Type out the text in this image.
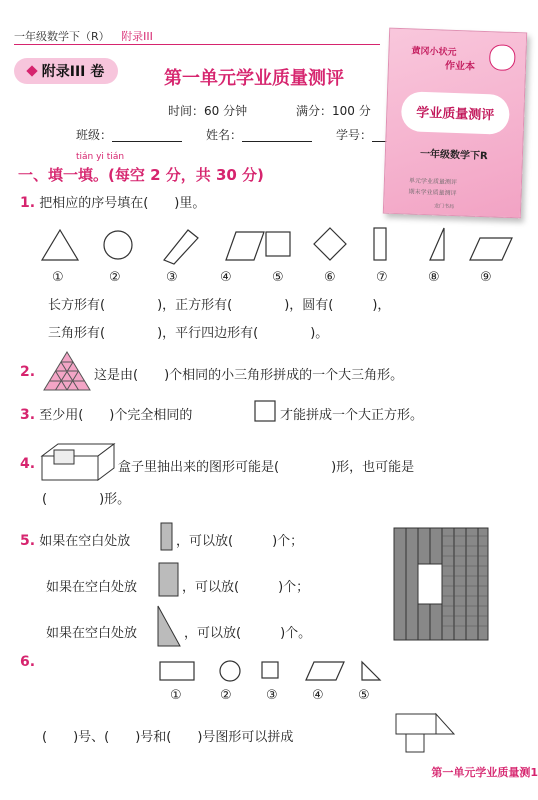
一年级数学下（R） 附录III
附录III 卷	第一单元学业质量测评
时间：60 分钟	满分：100 分
班级：	姓名：	学号：
黄冈小状元
作业本
学业质量测评
一年级数学下R
单元学业质量测评
期末学业质量测评
龙门书局
tián yi tián
一、填一填。(每空 2 分，共 30 分)
1. 把相应的序号填在(　　)里。
①	②	③	④	⑤	⑥	⑦	⑧	⑨
长方形有(　　　　)，正方形有(　　　　)，圆有(　　　)，
三角形有(　　　　)，平行四边形有(　　　　)。
2.	这是由(　　)个相同的小三角形拼成的一个大三角形。
3. 至少用(　　)个完全相同的	才能拼成一个大正方形。
4.	盒子里抽出来的图形可能是(　　　　)形，也可能是
(　　　　)形。
5. 如果在空白处放	，可以放(　　　)个；
如果在空白处放	，可以放(　　　)个；
如果在空白处放	，可以放(　　　)个。
6.
①	②	③	④	⑤
(　　)号、(　　)号和(　　)号图形可以拼成
第一单元学业质量测1
